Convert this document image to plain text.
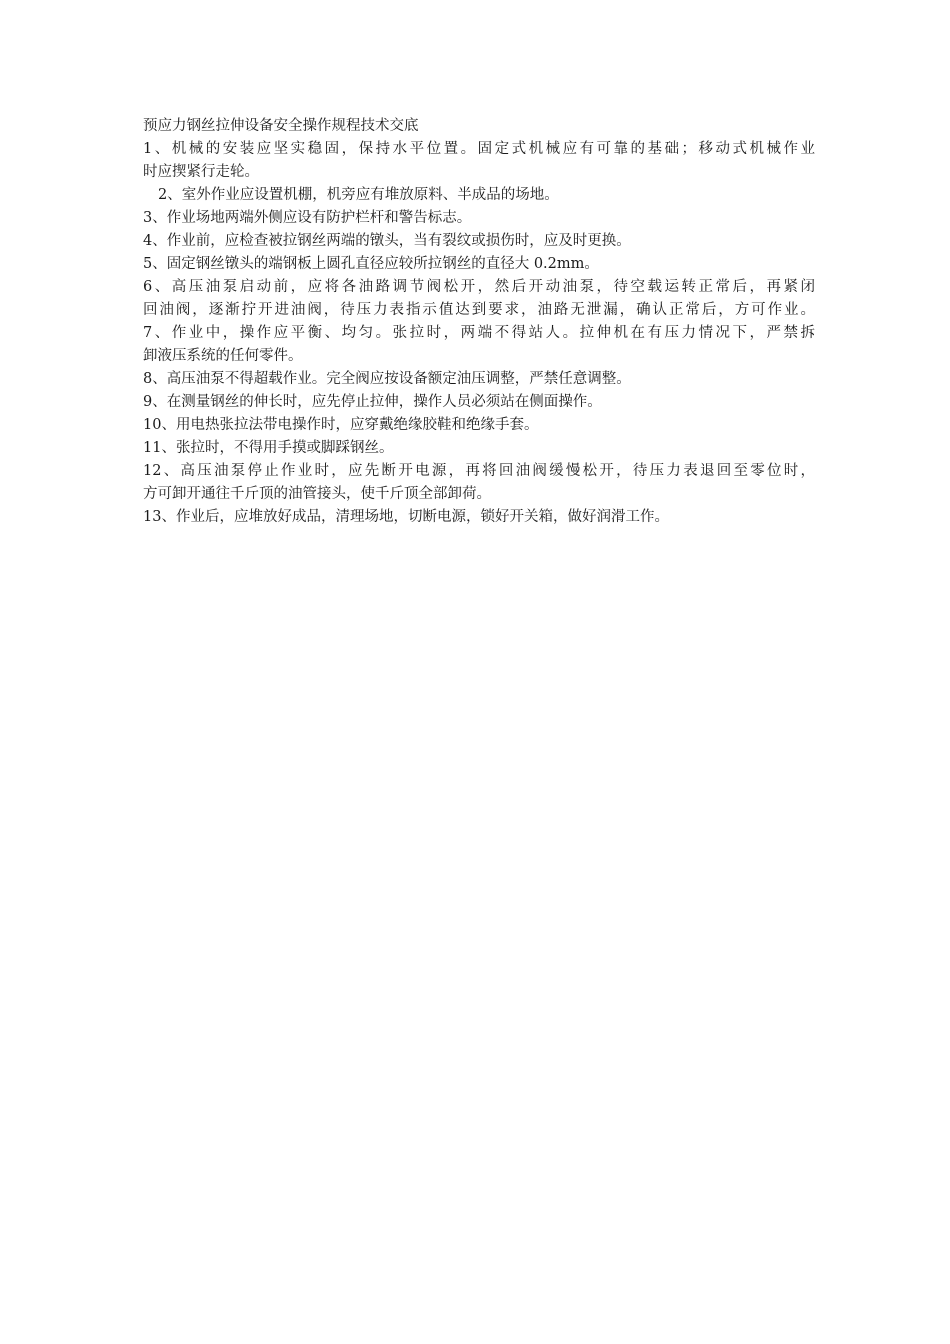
预应力钢丝拉伸设备安全操作规程技术交底

1、机械的安装应坚实稳固，保持水平位置。固定式机械应有可靠的基础；移动式机械作业

时应揳紧行走轮。

2、室外作业应设置机棚，机旁应有堆放原料、半成品的场地。

3、作业场地两端外侧应设有防护栏杆和警告标志。

4、作业前，应检查被拉钢丝两端的镦头，当有裂纹或损伤时，应及时更换。

5、固定钢丝镦头的端钢板上圆孔直径应较所拉钢丝的直径大 0.2mm。

6、高压油泵启动前，应将各油路调节阀松开，然后开动油泵，待空载运转正常后，再紧闭

回油阀，逐渐拧开进油阀，待压力表指示值达到要求，油路无泄漏，确认正常后，方可作业。

7、作业中，操作应平衡、均匀。张拉时，两端不得站人。拉伸机在有压力情况下，严禁拆

卸液压系统的任何零件。

8、高压油泵不得超载作业。完全阀应按设备额定油压调整，严禁任意调整。

9、在测量钢丝的伸长时，应先停止拉伸，操作人员必须站在侧面操作。

10、用电热张拉法带电操作时，应穿戴绝缘胶鞋和绝缘手套。

11、张拉时，不得用手摸或脚踩钢丝。

12、高压油泵停止作业时，应先断开电源，再将回油阀缓慢松开，待压力表退回至零位时，

方可卸开通往千斤顶的油管接头，使千斤顶全部卸荷。

13、作业后，应堆放好成品，清理场地，切断电源，锁好开关箱，做好润滑工作。
